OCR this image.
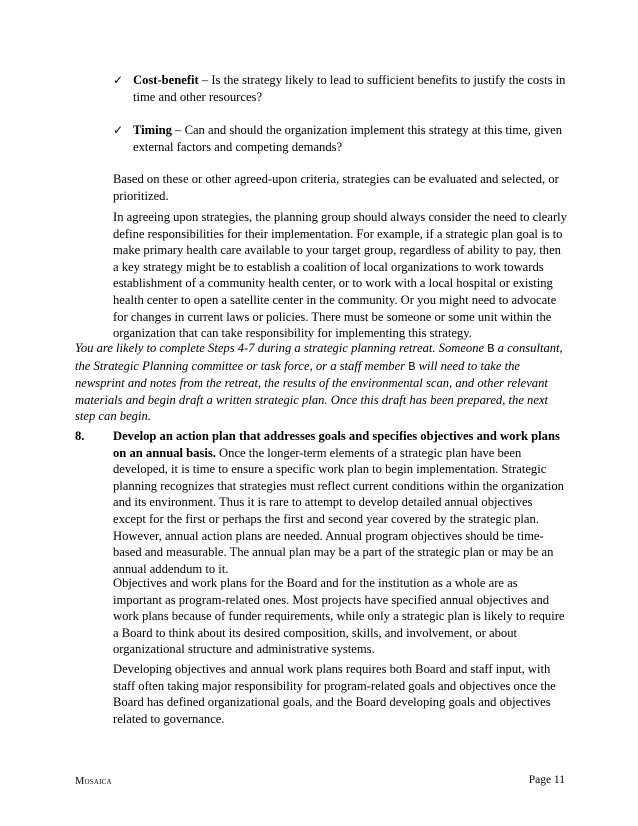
✓ Cost-benefit – Is the strategy likely to lead to sufficient benefits to justify the costs in time and other resources?
✓ Timing – Can and should the organization implement this strategy at this time, given external factors and competing demands?

Based on these or other agreed-upon criteria, strategies can be evaluated and selected, or prioritized.

In agreeing upon strategies, the planning group should always consider the need to clearly define responsibilities for their implementation. For example, if a strategic plan goal is to make primary health care available to your target group, regardless of ability to pay, then a key strategy might be to establish a coalition of local organizations to work towards establishment of a community health center, or to work with a local hospital or existing health center to open a satellite center in the community. Or you might need to advocate for changes in current laws or policies. There must be someone or some unit within the organization that can take responsibility for implementing this strategy.

You are likely to complete Steps 4-7 during a strategic planning retreat. Someone B a consultant, the Strategic Planning committee or task force, or a staff member B will need to take the newsprint and notes from the retreat, the results of the environmental scan, and other relevant materials and begin draft a written strategic plan. Once this draft has been prepared, the next step can begin.

8. Develop an action plan that addresses goals and specifies objectives and work plans on an annual basis. Once the longer-term elements of a strategic plan have been developed, it is time to ensure a specific work plan to begin implementation. Strategic planning recognizes that strategies must reflect current conditions within the organization and its environment. Thus it is rare to attempt to develop detailed annual objectives except for the first or perhaps the first and second year covered by the strategic plan. However, annual action plans are needed. Annual program objectives should be time-based and measurable. The annual plan may be a part of the strategic plan or may be an annual addendum to it.

Objectives and work plans for the Board and for the institution as a whole are as important as program-related ones. Most projects have specified annual objectives and work plans because of funder requirements, while only a strategic plan is likely to require a Board to think about its desired composition, skills, and involvement, or about organizational structure and administrative systems.

Developing objectives and annual work plans requires both Board and staff input, with staff often taking major responsibility for program-related goals and objectives once the Board has defined organizational goals, and the Board developing goals and objectives related to governance.

Mosaica	Page 11
